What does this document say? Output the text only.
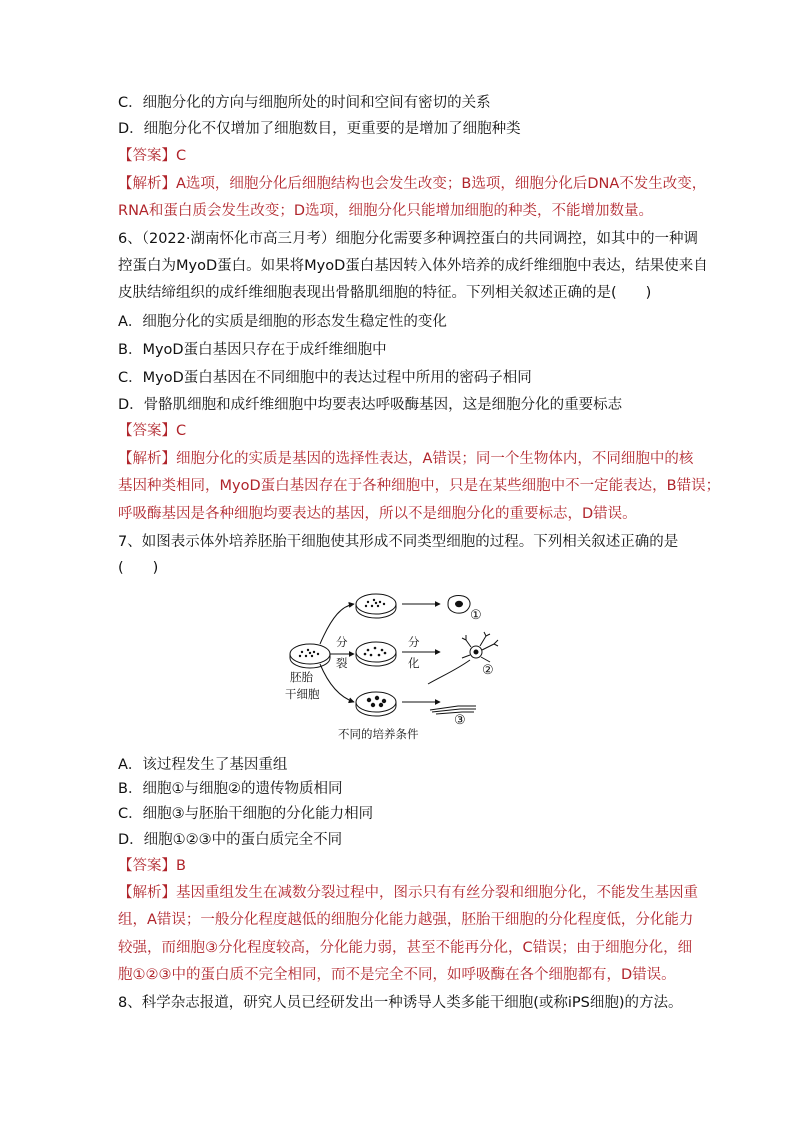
C．细胞分化的方向与细胞所处的时间和空间有密切的关系
D．细胞分化不仅增加了细胞数目，更重要的是增加了细胞种类
【答案】C
【解析】A选项，细胞分化后细胞结构也会发生改变；B选项，细胞分化后DNA不发生改变，
RNA和蛋白质会发生改变；D选项，细胞分化只能增加细胞的种类，不能增加数量。
6、（2022·湖南怀化市高三月考）细胞分化需要多种调控蛋白的共同调控，如其中的一种调
控蛋白为MyoD蛋白。如果将MyoD蛋白基因转入体外培养的成纤维细胞中表达，结果使来自
皮肤结缔组织的成纤维细胞表现出骨骼肌细胞的特征。下列相关叙述正确的是(　　)
A．细胞分化的实质是细胞的形态发生稳定性的变化
B．MyoD蛋白基因只存在于成纤维细胞中
C．MyoD蛋白基因在不同细胞中的表达过程中所用的密码子相同
D．骨骼肌细胞和成纤维细胞中均要表达呼吸酶基因，这是细胞分化的重要标志
【答案】C
【解析】细胞分化的实质是基因的选择性表达，A错误；同一个生物体内，不同细胞中的核
基因种类相同，MyoD蛋白基因存在于各种细胞中，只是在某些细胞中不一定能表达，B错误；
呼吸酶基因是各种细胞均要表达的基因，所以不是细胞分化的重要标志，D错误。
7、如图表示体外培养胚胎干细胞使其形成不同类型细胞的过程。下列相关叙述正确的是
(　　)
胚胎
干细胞
分
裂
分
化
①
②
③
不同的培养条件
A．该过程发生了基因重组
B．细胞①与细胞②的遗传物质相同
C．细胞③与胚胎干细胞的分化能力相同
D．细胞①②③中的蛋白质完全不同
【答案】B
【解析】基因重组发生在减数分裂过程中，图示只有有丝分裂和细胞分化，不能发生基因重
组，A错误；一般分化程度越低的细胞分化能力越强，胚胎干细胞的分化程度低，分化能力
较强，而细胞③分化程度较高，分化能力弱，甚至不能再分化，C错误；由于细胞分化，细
胞①②③中的蛋白质不完全相同，而不是完全不同，如呼吸酶在各个细胞都有，D错误。
8、科学杂志报道，研究人员已经研发出一种诱导人类多能干细胞(或称iPS细胞)的方法。
